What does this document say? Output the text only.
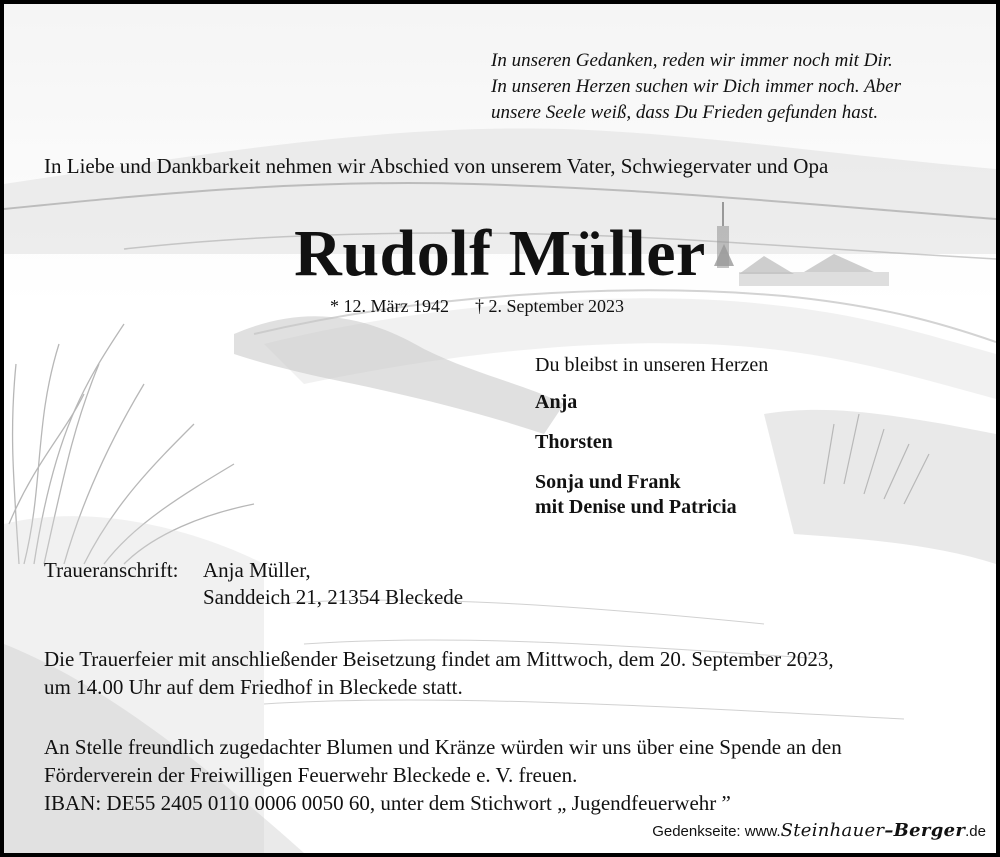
In unseren Gedanken, reden wir immer noch mit Dir.
In unseren Herzen suchen wir Dich immer noch. Aber
unsere Seele weiß, dass Du Frieden gefunden hast.
In Liebe und Dankbarkeit nehmen wir Abschied von unserem Vater, Schwiegervater und Opa
Rudolf Müller
* 12. März 1942 † 2. September 2023
Du bleibst in unseren Herzen
Anja
Thorsten
Sonja und Frank
mit Denise und Patricia
Traueranschrift: Anja Müller,
Sanddeich 21, 21354 Bleckede
Die Trauerfeier mit anschließender Beisetzung findet am Mittwoch, dem 20. September 2023,
um 14.00 Uhr auf dem Friedhof in Bleckede statt.
An Stelle freundlich zugedachter Blumen und Kränze würden wir uns über eine Spende an den
Förderverein der Freiwilligen Feuerwehr Bleckede e. V. freuen.
IBAN: DE55 2405 0110 0006 0050 60, unter dem Stichwort „ Jugendfeuerwehr ”
Gedenkseite: www.Steinhauer–Berger.de
